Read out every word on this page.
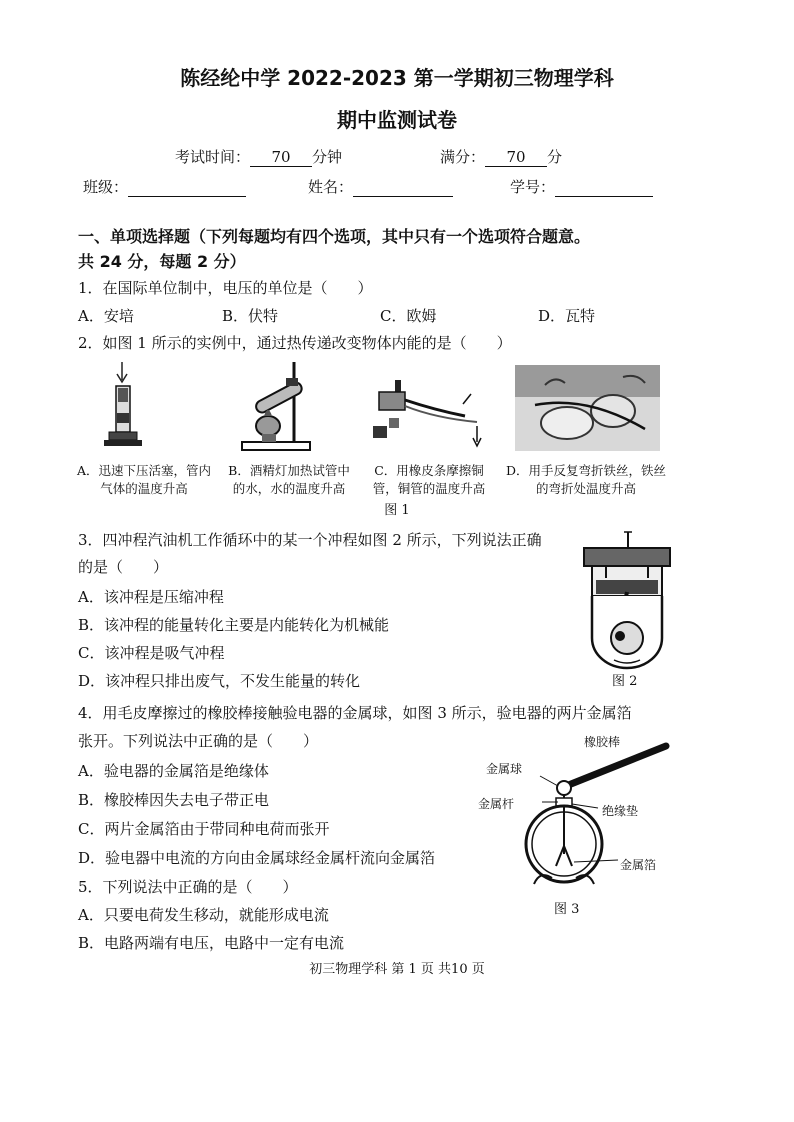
陈经纶中学 2022-2023 第一学期初三物理学科
期中监测试卷
考试时间： 70 分钟	满分： 70 分
班级：	姓名：	学号：
一、单项选择题（下列每题均有四个选项，其中只有一个选项符合题意。
共 24 分，每题 2 分）
1．在国际单位制中，电压的单位是（　　）
A．安培	B．伏特	C．欧姆	D．瓦特
2．如图 1 所示的实例中，通过热传递改变物体内能的是（　　）
A．迅速下压活塞，管内气体的温度升高
B．酒精灯加热试管中的水，水的温度升高
C．用橡皮条摩擦铜管，铜管的温度升高
D．用手反复弯折铁丝，铁丝的弯折处温度升高
图 1
3．四冲程汽油机工作循环中的某一个冲程如图 2 所示，下列说法正确
的是（　　）
A．该冲程是压缩冲程
B．该冲程的能量转化主要是内能转化为机械能
C．该冲程是吸气冲程
D．该冲程只排出废气，不发生能量的转化	图 2
4．用毛皮摩擦过的橡胶棒接触验电器的金属球，如图 3 所示，验电器的两片金属箔
张开。下列说法中正确的是（　　）
A．验电器的金属箔是绝缘体
B．橡胶棒因失去电子带正电
C．两片金属箔由于带同种电荷而张开
D．验电器中电流的方向由金属球经金属杆流向金属箔
橡胶棒
金属球
金属杆	绝缘垫
金属箔
图 3
5．下列说法中正确的是（　　）
A．只要电荷发生移动，就能形成电流
B．电路两端有电压，电路中一定有电流
初三物理学科 第 1 页 共10 页
